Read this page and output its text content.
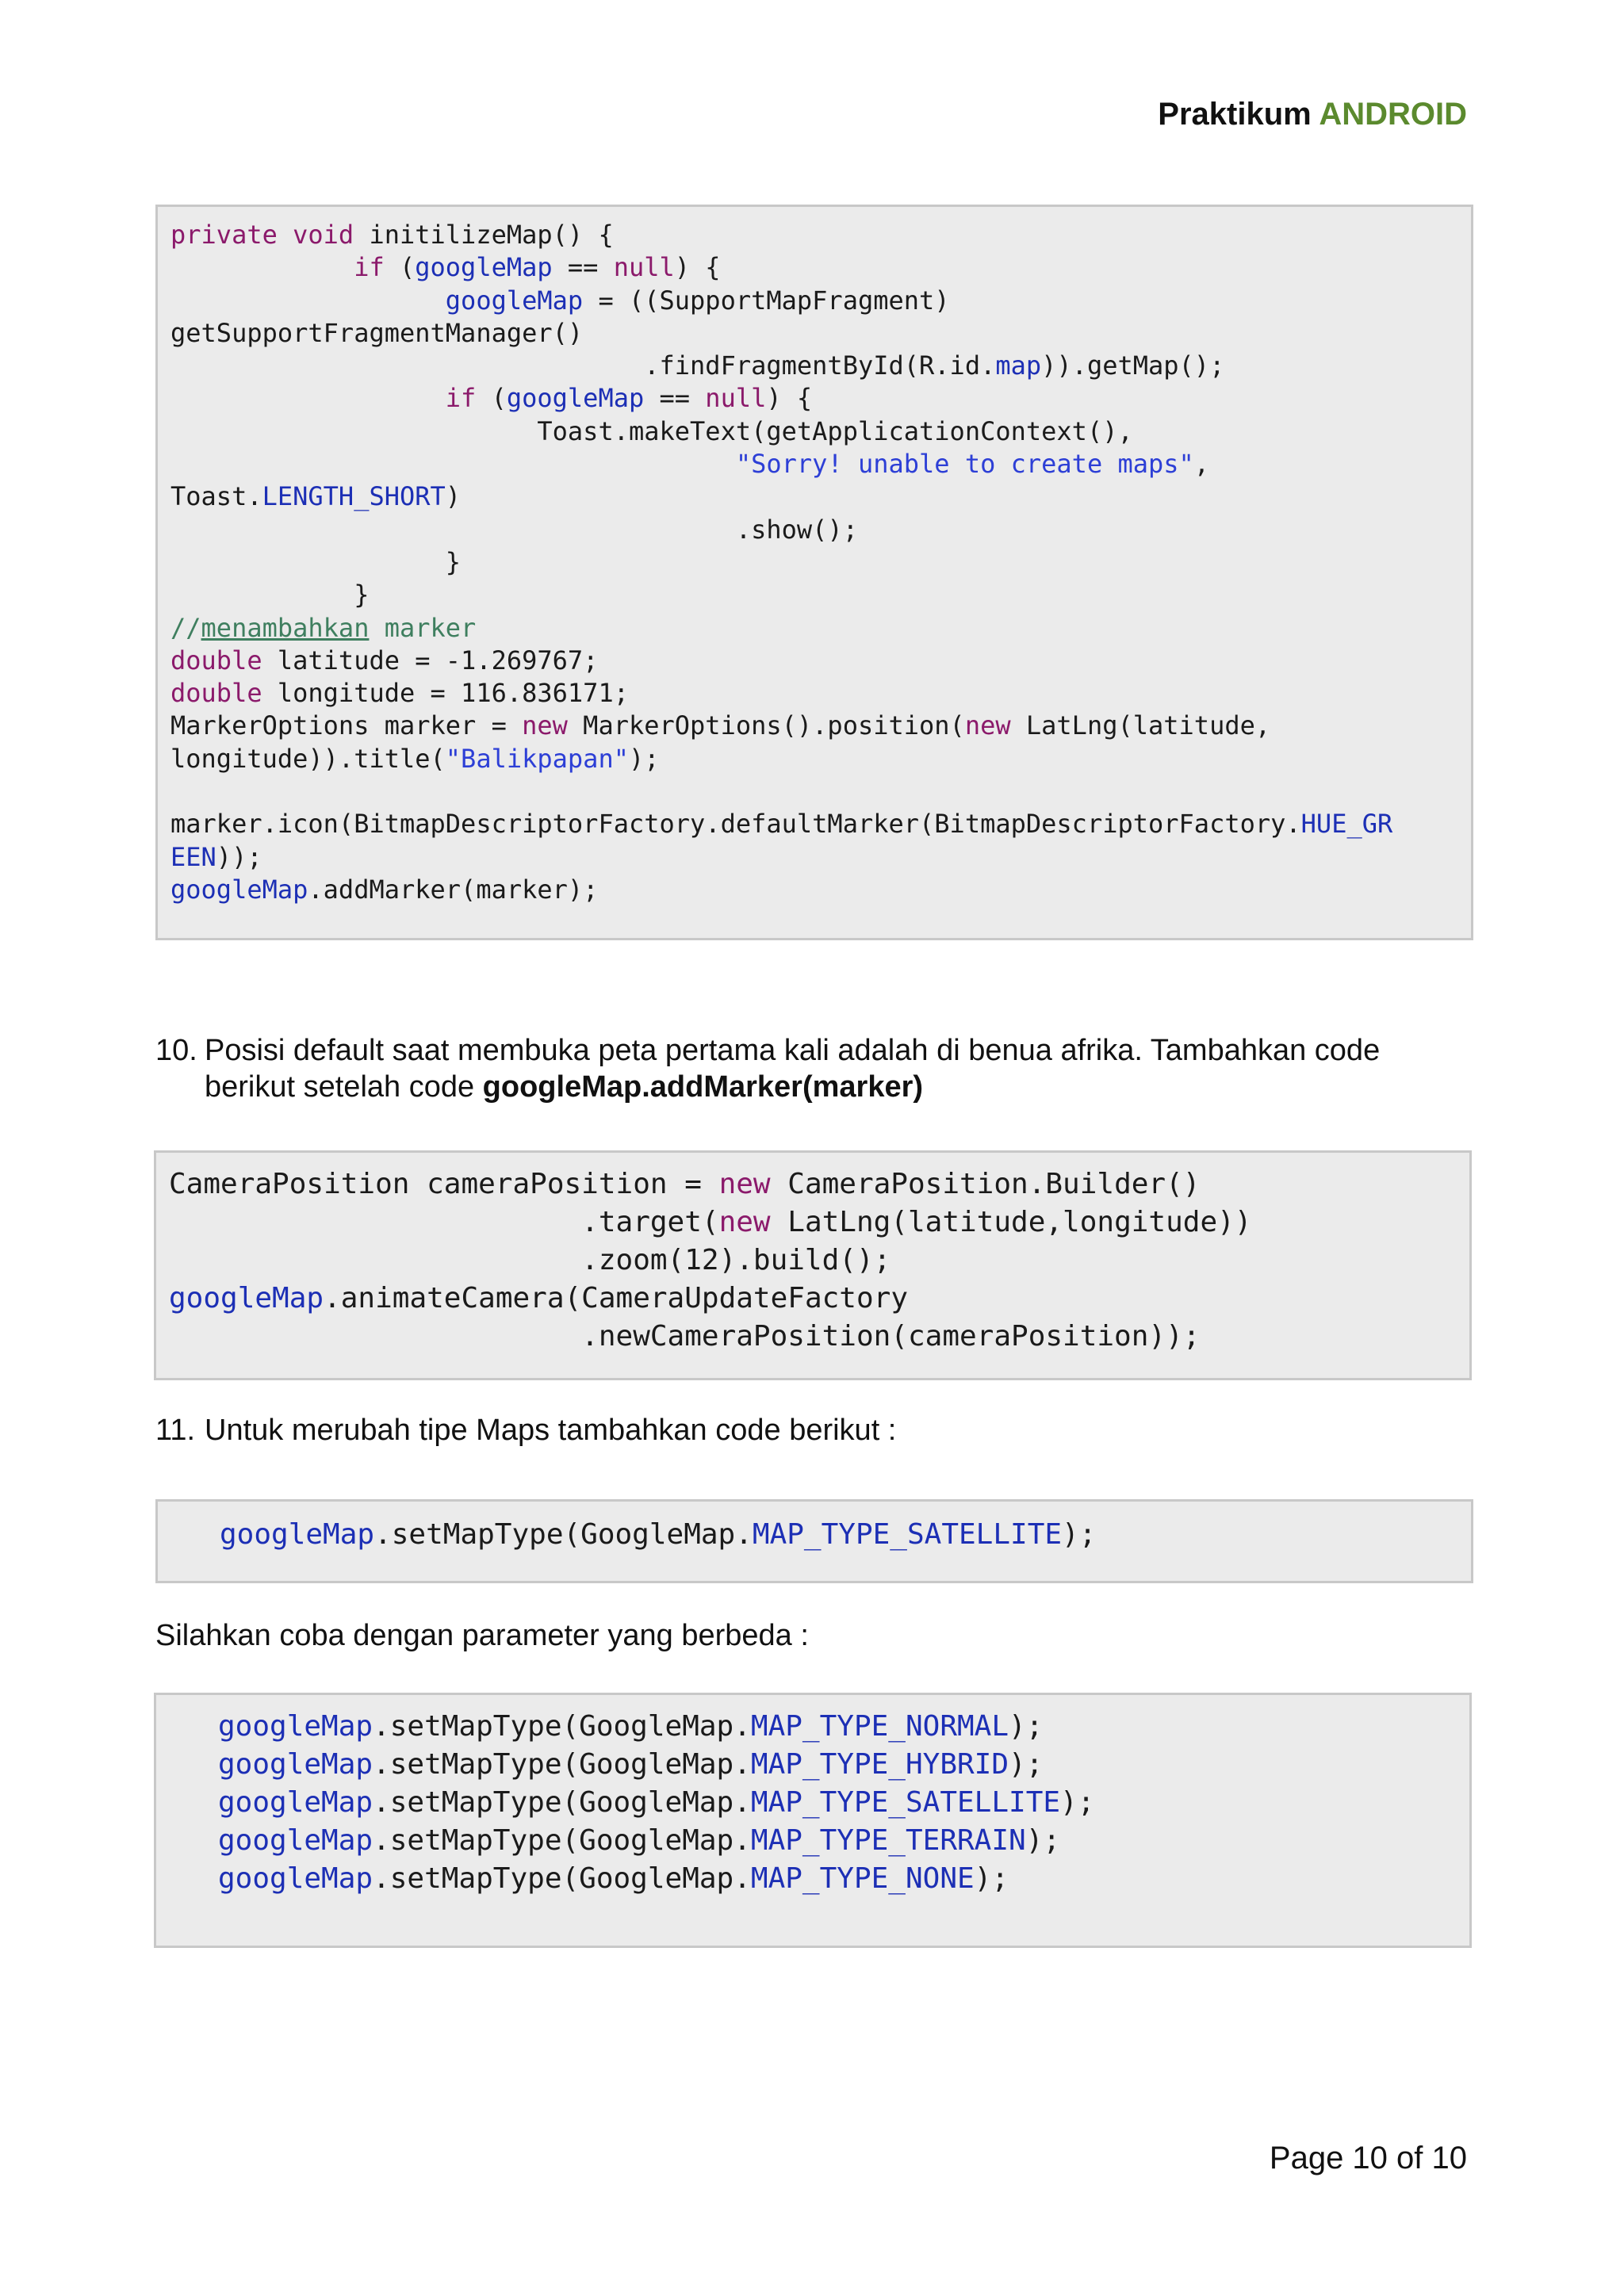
Praktikum ANDROID
private void initilizeMap() {
if (googleMap == null) {
googleMap = ((SupportMapFragment)
getSupportFragmentManager()
.findFragmentById(R.id.map)).getMap();
if (googleMap == null) {
Toast.makeText(getApplicationContext(),
"Sorry! unable to create maps",
Toast.LENGTH_SHORT)
.show();
}
}
//menambahkan marker
double latitude = -1.269767;
double longitude = 116.836171;
MarkerOptions marker = new MarkerOptions().position(new LatLng(latitude,
longitude)).title("Balikpapan");

marker.icon(BitmapDescriptorFactory.defaultMarker(BitmapDescriptorFactory.HUE_GR
EEN));
googleMap.addMarker(marker);
10. Posisi default saat membuka peta pertama kali adalah di benua afrika. Tambahkan code
berikut setelah code googleMap.addMarker(marker)
CameraPosition cameraPosition = new CameraPosition.Builder()
.target(new LatLng(latitude,longitude))
.zoom(12).build();
googleMap.animateCamera(CameraUpdateFactory
.newCameraPosition(cameraPosition));
11. Untuk merubah tipe Maps tambahkan code berikut :
googleMap.setMapType(GoogleMap.MAP_TYPE_SATELLITE);
Silahkan coba dengan parameter yang berbeda :
googleMap.setMapType(GoogleMap.MAP_TYPE_NORMAL);
googleMap.setMapType(GoogleMap.MAP_TYPE_HYBRID);
googleMap.setMapType(GoogleMap.MAP_TYPE_SATELLITE);
googleMap.setMapType(GoogleMap.MAP_TYPE_TERRAIN);
googleMap.setMapType(GoogleMap.MAP_TYPE_NONE);
Page 10 of 10
